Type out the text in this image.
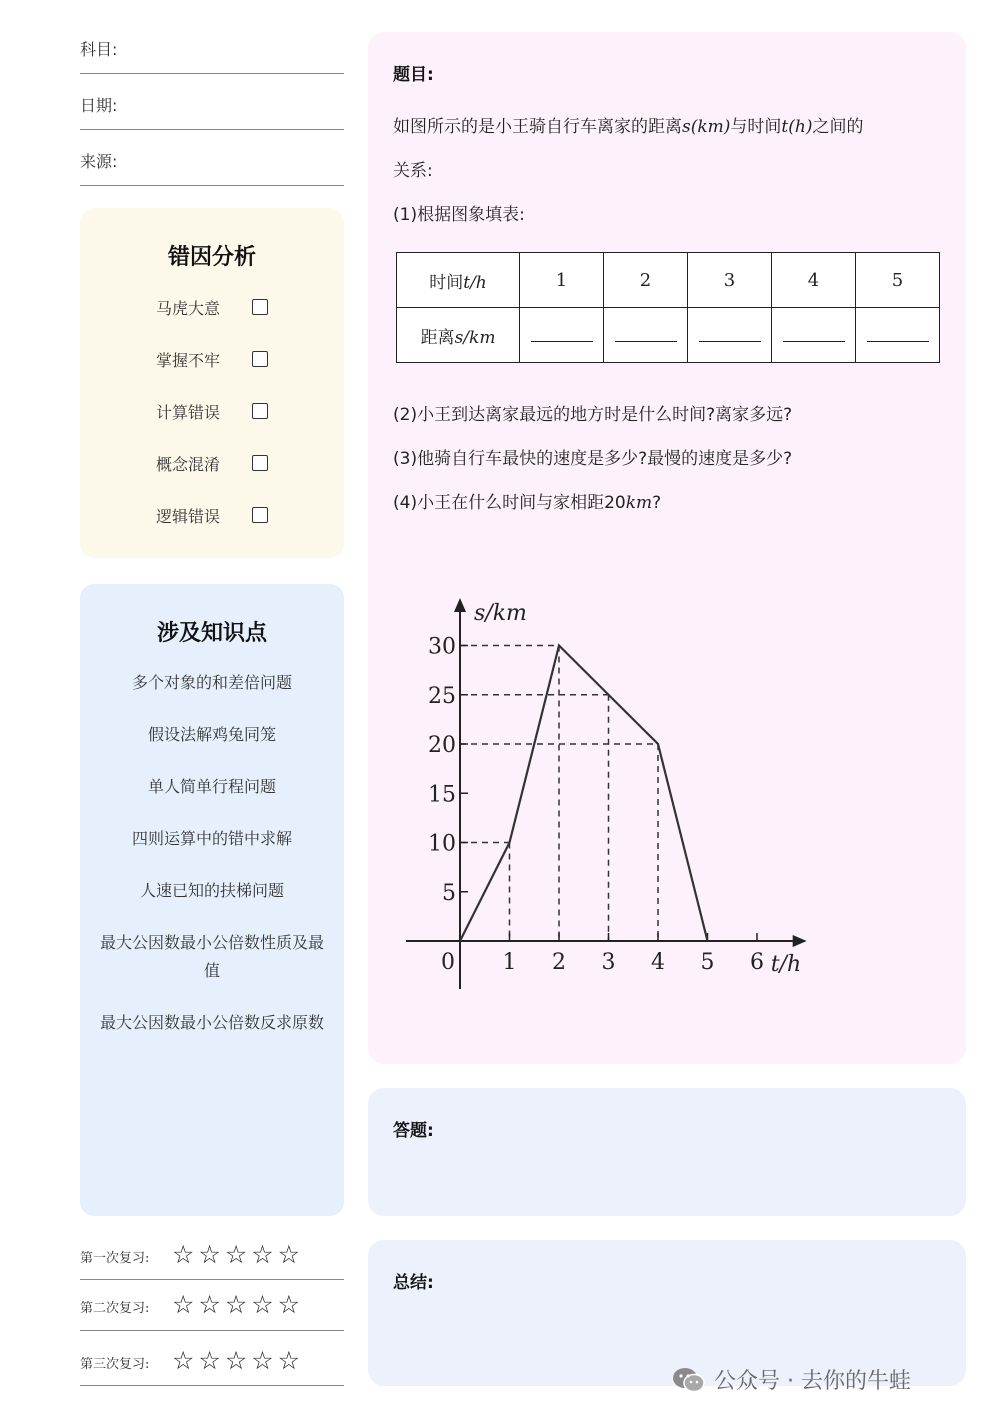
科目:
日期:
来源:
错因分析
马虎大意
掌握不牢
计算错误
概念混淆
逻辑错误
涉及知识点
多个对象的和差倍问题
假设法解鸡兔同笼
单人简单行程问题
四则运算中的错中求解
人速已知的扶梯问题
最大公因数最小公倍数性质及最值
最大公因数最小公倍数反求原数
第一次复习: ☆☆☆☆☆
第二次复习: ☆☆☆☆☆
第三次复习: ☆☆☆☆☆
题目:
如图所示的是小王骑自行车离家的距离s(km)与时间t(h)之间的
关系:
(1)根据图象填表:
时间t/h	1	2	3	4	5
距离s/km					
(2)小王到达离家最远的地方时是什么时间?离家多远?
(3)他骑自行车最快的速度是多少?最慢的速度是多少?
(4)小王在什么时间与家相距20km?
0 1 2 3 4 5 6
5
10
15
20
25
30
s/km
t/h
答题:
总结:
公众号 · 去你的牛蛙
